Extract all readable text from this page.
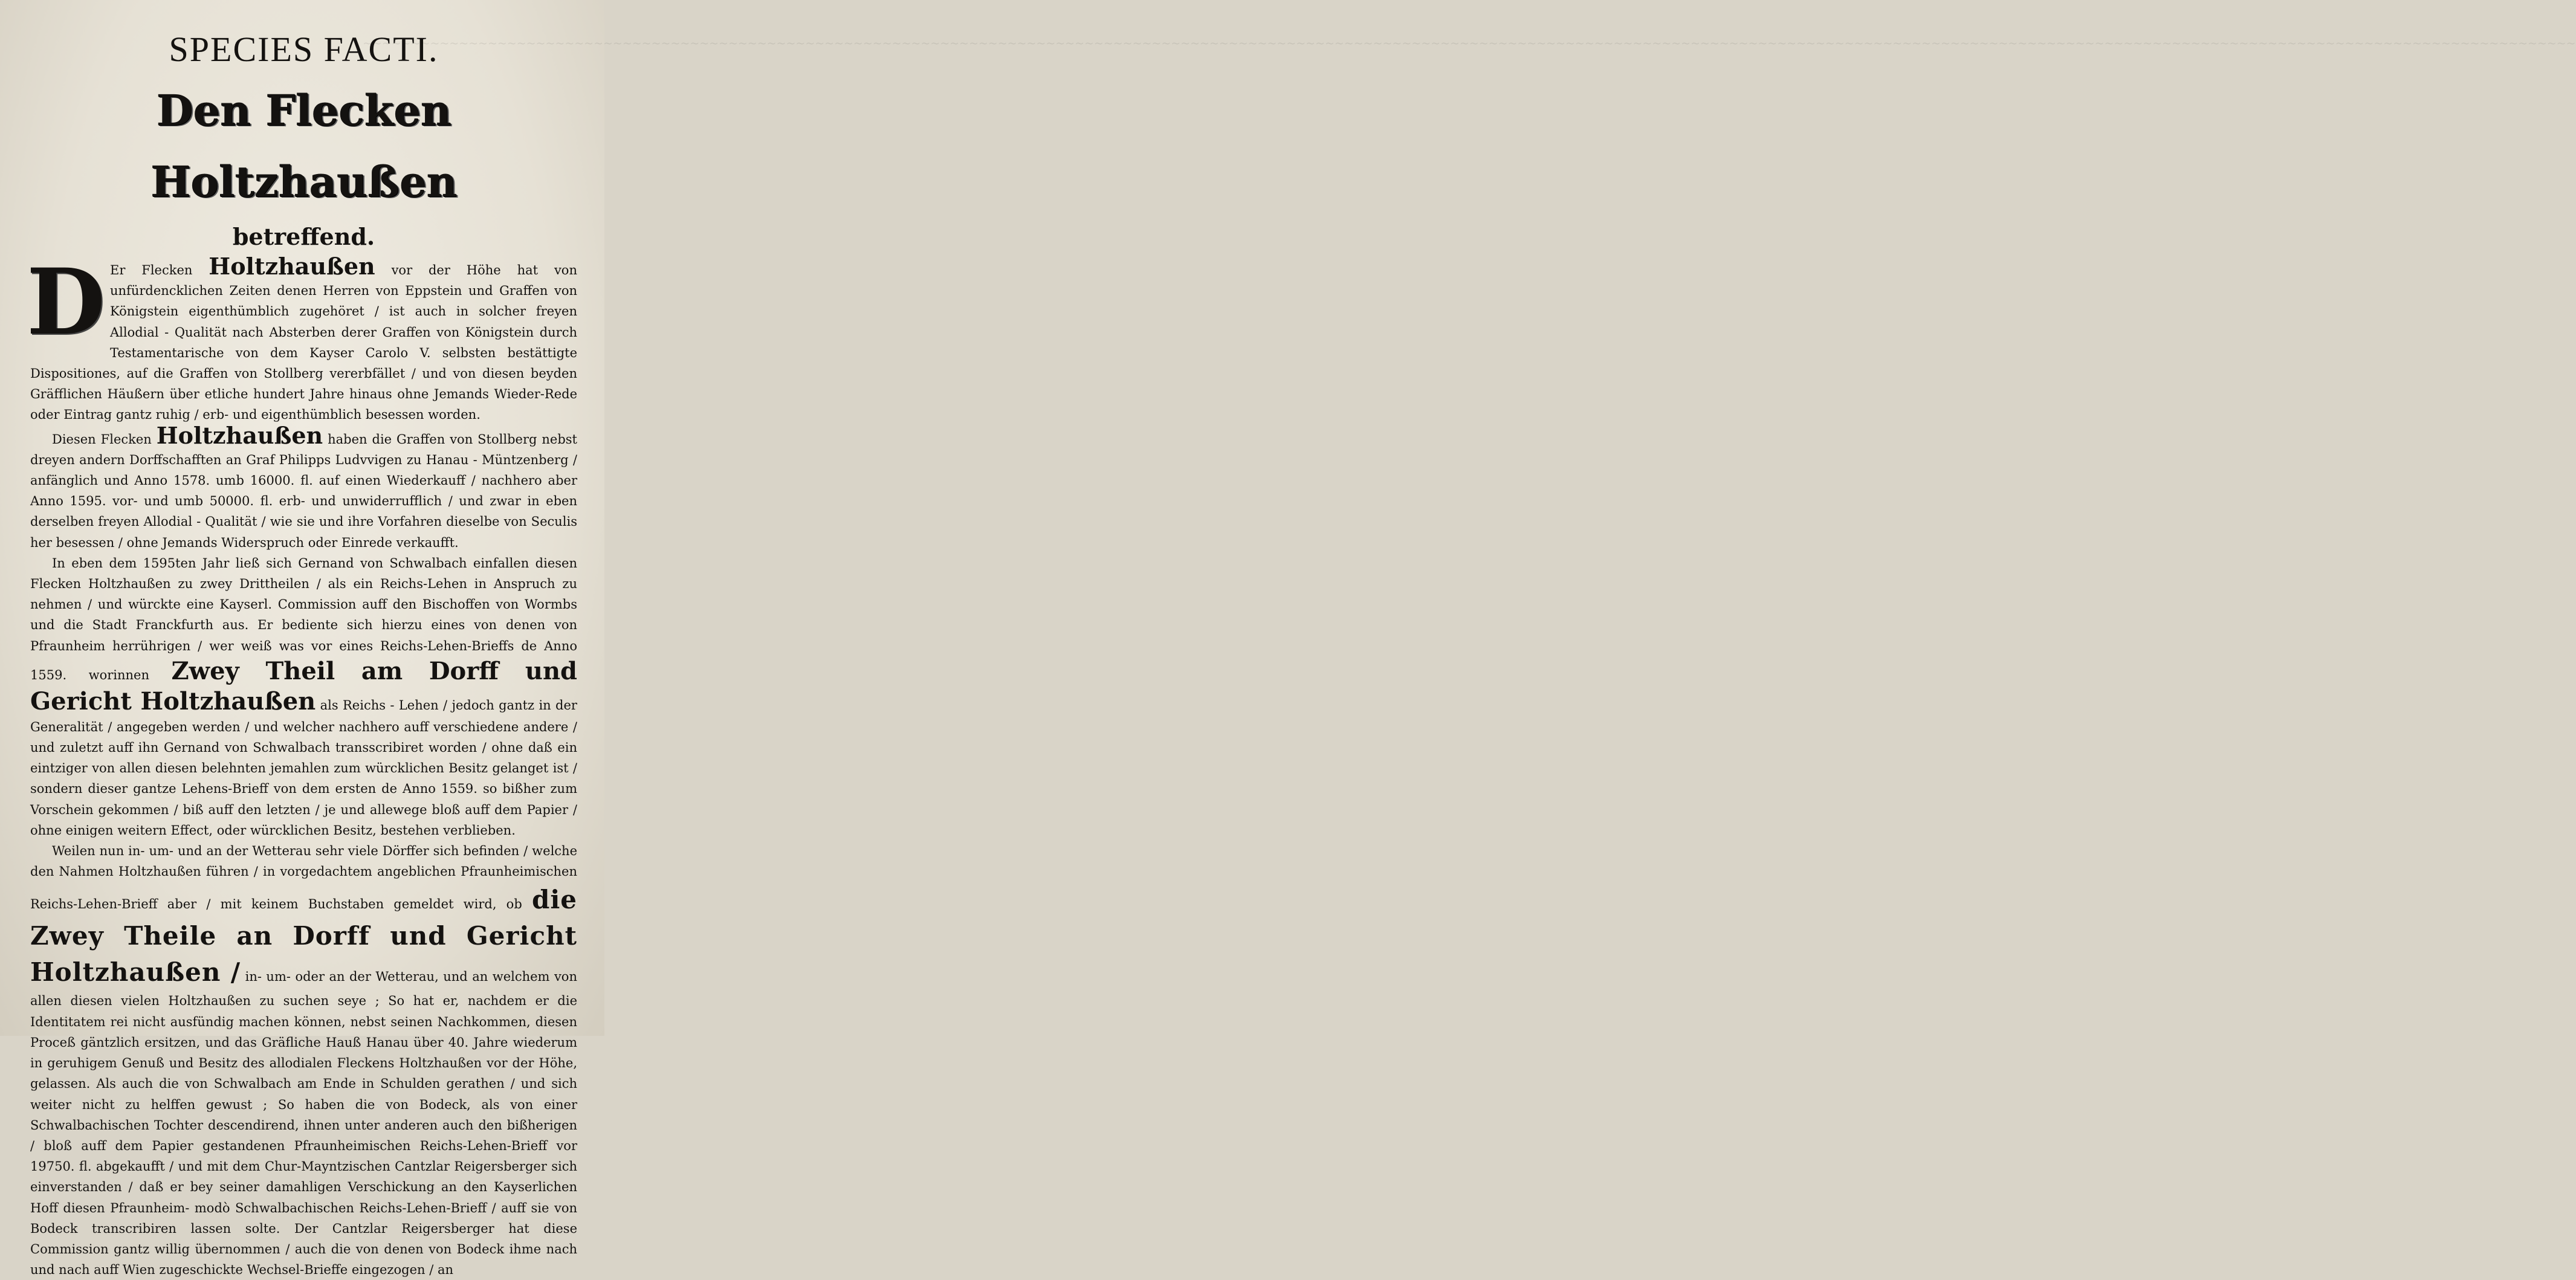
~~~~~~~~~~~~~~~~~~~~~~~~~~~~~~~~~~~~~~~~~~~~~~~~~~~~~~~~~~~~~~~~~~~~~~~~~~~~~~~~~~~~~~~~~~~~~~~~~~~~~~~~~~~~~~~~~~~~~~~~~~~~~~~~~~~~~~~~~~~~~~~~~~~~~~~~~~~~~~~~~~~~~~~~~~~~~~~~~~~~~~~~~~~~~~~~~~~~~~~~~~~~~~~~~~~~~~~~~~~~~~~~~~~~~~
SPECIES FACTI.
Den Flecken Holtzhaußen
betreffend.

D Er Flecken Holtzhaußen vor der Höhe hat von unfürdencklichen Zeiten denen Herren von Eppstein und Graffen von Königstein eigenthümblich zugehöret / ist auch in solcher freyen Allodial - Qualität nach Absterben derer Graffen von Königstein durch Testamentarische von dem Kayser Carolo V. selbsten bestättigte Dispositiones, auf die Graffen von Stollberg vererbfället / und von diesen beyden Gräfflichen Häußern über etliche hundert Jahre hinaus ohne Jemands Wieder-Rede oder Eintrag gantz ruhig / erb- und eigenthümblich besessen worden.

Diesen Flecken Holtzhaußen haben die Graffen von Stollberg nebst dreyen andern Dorffschafften an Graf Philipps Ludvvigen zu Hanau - Müntzenberg / anfänglich und Anno 1578. umb 16000. fl. auf einen Wiederkauff / nachhero aber Anno 1595. vor- und umb 50000. fl. erb- und unwiderrufflich / und zwar in eben derselben freyen Allodial - Qualität / wie sie und ihre Vorfahren dieselbe von Seculis her besessen / ohne Jemands Widerspruch oder Einrede verkaufft.

In eben dem 1595ten Jahr ließ sich Gernand von Schwalbach einfallen diesen Flecken Holtzhaußen zu zwey Drittheilen / als ein Reichs-Lehen in Anspruch zu nehmen / und würckte eine Kayserl. Commission auff den Bischoffen von Wormbs und die Stadt Franckfurth aus. Er bediente sich hierzu eines von denen von Pfraunheim herrührigen / wer weiß was vor eines Reichs-Lehen-Brieffs de Anno 1559. worinnen Zwey Theil am Dorff und Gericht Holtzhaußen als Reichs - Lehen / jedoch gantz in der Generalität / angegeben werden / und welcher nachhero auff verschiedene andere / und zuletzt auff ihn Gernand von Schwalbach transscribiret worden / ohne daß ein eintziger von allen diesen belehnten jemahlen zum würcklichen Besitz gelanget ist / sondern dieser gantze Lehens-Brieff von dem ersten de Anno 1559. so bißher zum Vorschein gekommen / biß auff den letzten / je und allewege bloß auff dem Papier / ohne einigen weitern Effect, oder würcklichen Besitz, bestehen verblieben.

Weilen nun in- um- und an der Wetterau sehr viele Dörffer sich befinden / welche den Nahmen Holtzhaußen führen / in vorgedachtem angeblichen Pfraunheimischen Reichs-Lehen-Brieff aber / mit keinem Buchstaben gemeldet wird, ob die Zwey Theile an Dorff und Gericht Holtzhaußen / in- um- oder an der Wetterau, und an welchem von allen diesen vielen Holtzhaußen zu suchen seye ; So hat er, nachdem er die Identitatem rei nicht ausfündig machen können, nebst seinen Nachkommen, diesen Proceß gäntzlich ersitzen, und das Gräfliche Hauß Hanau über 40. Jahre wiederum in geruhigem Genuß und Besitz des allodialen Fleckens Holtzhaußen vor der Höhe, gelassen. Als auch die von Schwalbach am Ende in Schulden gerathen / und sich weiter nicht zu helffen gewust ; So haben die von Bodeck, als von einer Schwalbachischen Tochter descendirend, ihnen unter anderen auch den bißherigen / bloß auff dem Papier gestandenen Pfraunheimischen Reichs-Lehen-Brieff vor 19750. fl. abgekaufft / und mit dem Chur-Mayntzischen Cantzlar Reigersberger sich einverstanden / daß er bey seiner damahligen Verschickung an den Kayserlichen Hoff diesen Pfraunheim- modò Schwalbachischen Reichs-Lehen-Brieff / auff sie von Bodeck transcribiren lassen solte. Der Cantzlar Reigersberger hat diese Commission gantz willig übernommen / auch die von denen von Bodeck ihme nach und nach auff Wien zugeschickte Wechsel-Brieffe eingezogen / an
